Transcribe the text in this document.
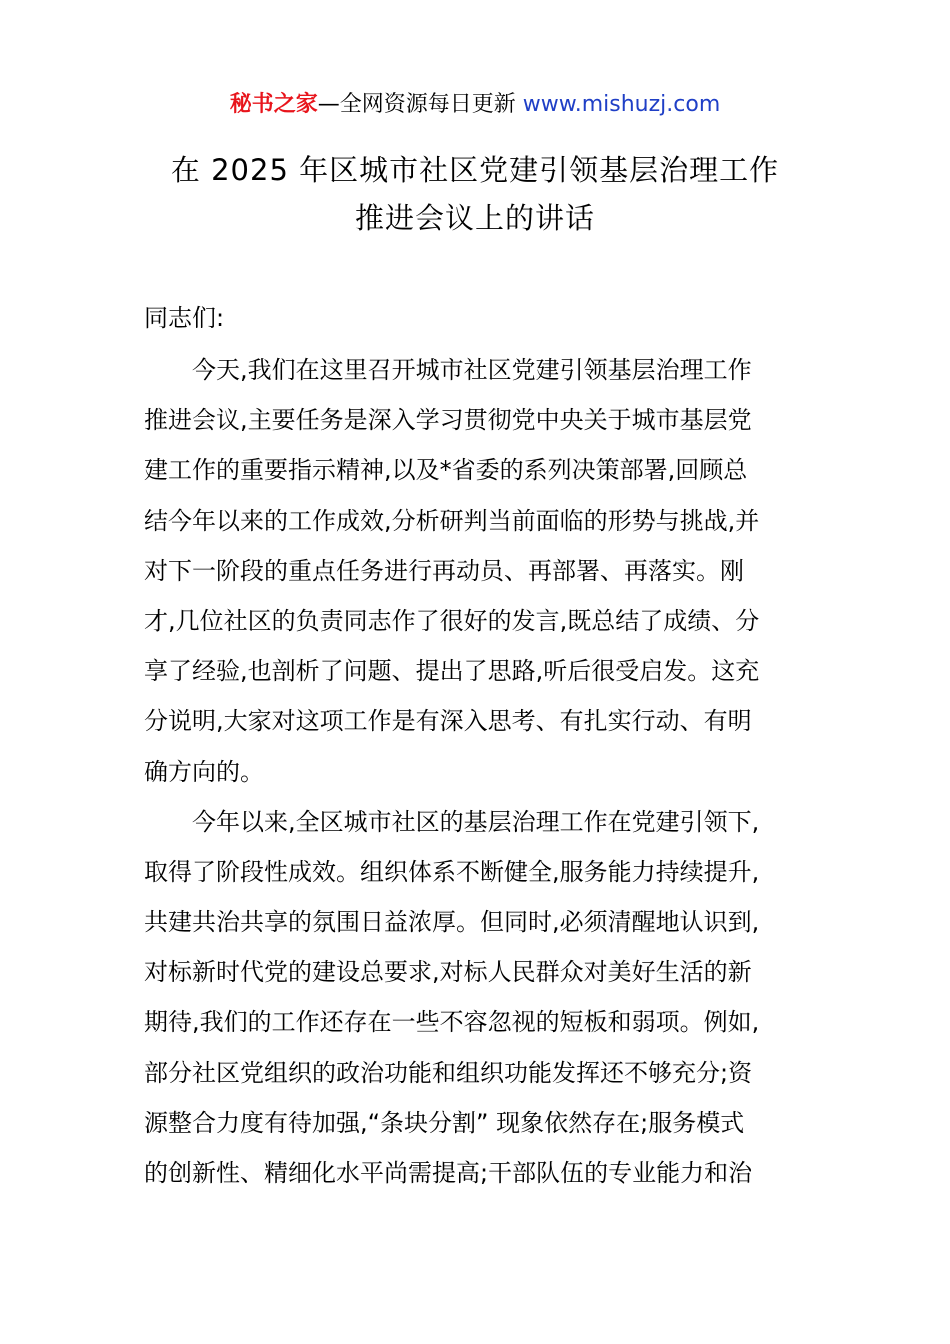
秘书之家—全网资源每日更新 www.mishuzj.com
在 2025 年区城市社区党建引领基层治理工作
推进会议上的讲话
同志们:
今天,我们在这里召开城市社区党建引领基层治理工作
推进会议,主要任务是深入学习贯彻党中央关于城市基层党
建工作的重要指示精神,以及*省委的系列决策部署,回顾总
结今年以来的工作成效,分析研判当前面临的形势与挑战,并
对下一阶段的重点任务进行再动员、再部署、再落实。刚
才,几位社区的负责同志作了很好的发言,既总结了成绩、分
享了经验,也剖析了问题、提出了思路,听后很受启发。这充
分说明,大家对这项工作是有深入思考、有扎实行动、有明
确方向的。
今年以来,全区城市社区的基层治理工作在党建引领下,
取得了阶段性成效。组织体系不断健全,服务能力持续提升,
共建共治共享的氛围日益浓厚。但同时,必须清醒地认识到,
对标新时代党的建设总要求,对标人民群众对美好生活的新
期待,我们的工作还存在一些不容忽视的短板和弱项。例如,
部分社区党组织的政治功能和组织功能发挥还不够充分;资
源整合力度有待加强,“条块分割” 现象依然存在;服务模式
的创新性、精细化水平尚需提高;干部队伍的专业能力和治
